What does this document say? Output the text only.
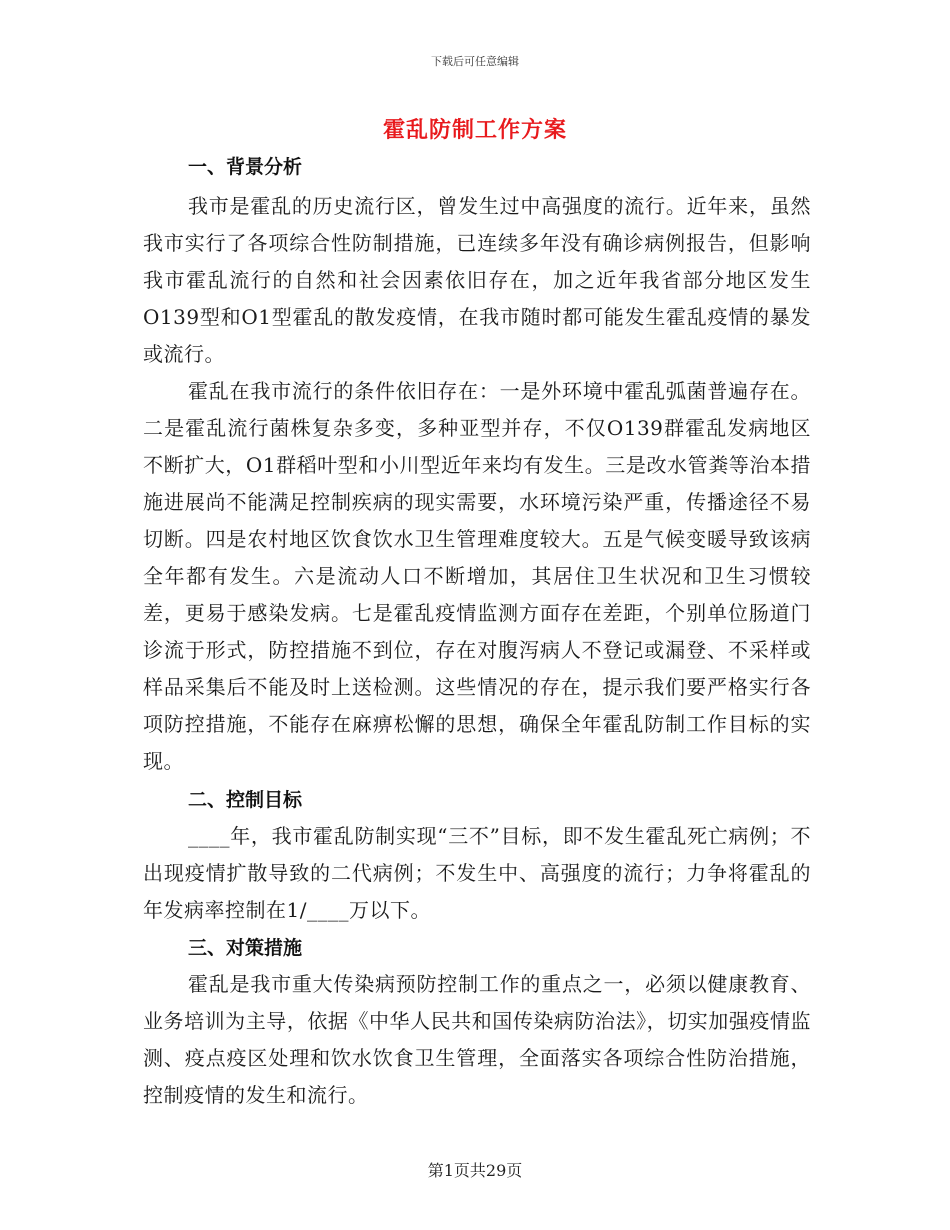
下载后可任意编辑
霍乱防制工作方案
一、背景分析

我市是霍乱的历史流行区，曾发生过中高强度的流行。近年来，虽然我市实行了各项综合性防制措施，已连续多年没有确诊病例报告，但影响我市霍乱流行的自然和社会因素依旧存在，加之近年我省部分地区发生O139型和O1型霍乱的散发疫情，在我市随时都可能发生霍乱疫情的暴发或流行。

霍乱在我市流行的条件依旧存在：一是外环境中霍乱弧菌普遍存在。二是霍乱流行菌株复杂多变，多种亚型并存，不仅O139群霍乱发病地区不断扩大，O1群稻叶型和小川型近年来均有发生。三是改水管粪等治本措施进展尚不能满足控制疾病的现实需要，水环境污染严重，传播途径不易切断。四是农村地区饮食饮水卫生管理难度较大。五是气候变暖导致该病全年都有发生。六是流动人口不断增加，其居住卫生状况和卫生习惯较差，更易于感染发病。七是霍乱疫情监测方面存在差距，个别单位肠道门诊流于形式，防控措施不到位，存在对腹泻病人不登记或漏登、不采样或样品采集后不能及时上送检测。这些情况的存在，提示我们要严格实行各项防控措施，不能存在麻痹松懈的思想，确保全年霍乱防制工作目标的实现。

二、控制目标

____年，我市霍乱防制实现“三不”目标，即不发生霍乱死亡病例；不出现疫情扩散导致的二代病例；不发生中、高强度的流行；力争将霍乱的年发病率控制在1/____万以下。

三、对策措施

霍乱是我市重大传染病预防控制工作的重点之一，必须以健康教育、业务培训为主导，依据《中华人民共和国传染病防治法》，切实加强疫情监测、疫点疫区处理和饮水饮食卫生管理，全面落实各项综合性防治措施，控制疫情的发生和流行。

第1页共29页
